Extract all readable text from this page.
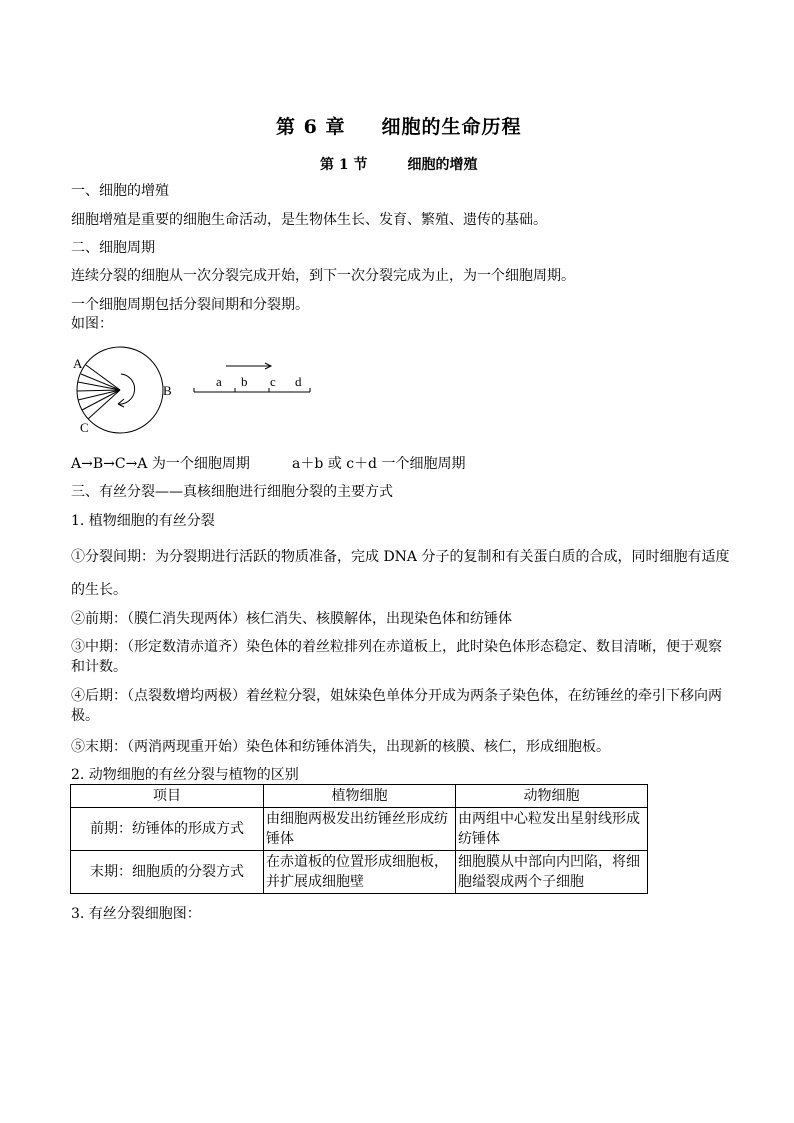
第 6 章 细胞的生命历程
第 1 节	细胞的增殖
一、细胞的增殖
细胞增殖是重要的细胞生命活动，是生物体生长、发育、繁殖、遗传的基础。
二、细胞周期
连续分裂的细胞从一次分裂完成开始，到下一次分裂完成为止，为一个细胞周期。
一个细胞周期包括分裂间期和分裂期。
如图：
A
B
C
a b c d
A→B→C→A 为一个细胞周期	a＋b 或 c＋d 一个细胞周期
三、有丝分裂——真核细胞进行细胞分裂的主要方式
1. 植物细胞的有丝分裂
①分裂间期：为分裂期进行活跃的物质准备，完成 DNA 分子的复制和有关蛋白质的合成，同时细胞有适度
的生长。
②前期：（膜仁消失现两体）核仁消失、核膜解体，出现染色体和纺锤体
③中期：（形定数清赤道齐）染色体的着丝粒排列在赤道板上，此时染色体形态稳定、数目清晰，便于观察和计数。
④后期：（点裂数增均两极）着丝粒分裂，姐妹染色单体分开成为两条子染色体，在纺锤丝的牵引下移向两极。
⑤末期：（两消两现重开始）染色体和纺锤体消失，出现新的核膜、核仁，形成细胞板。
2. 动物细胞的有丝分裂与植物的区别
项目	植物细胞	动物细胞
前期：纺锤体的形成方式	由细胞两极发出纺锤丝形成纺锤体	由两组中心粒发出星射线形成纺锤体
末期：细胞质的分裂方式	在赤道板的位置形成细胞板，并扩展成细胞壁	细胞膜从中部向内凹陷，将细胞缢裂成两个子细胞
3. 有丝分裂细胞图：
